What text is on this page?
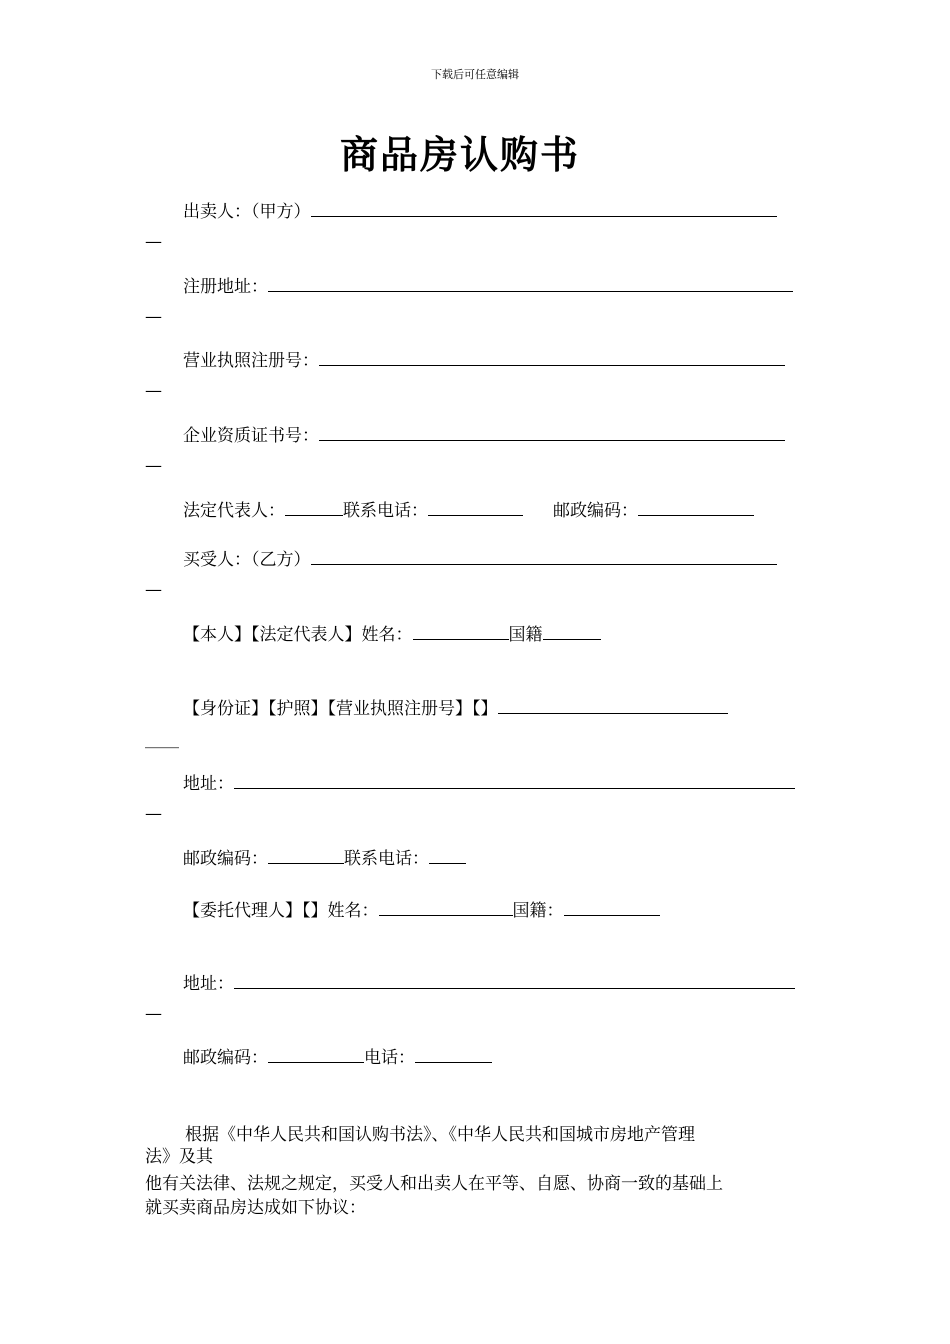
下载后可任意编辑
商品房认购书
出卖人：（甲方）
—
注册地址：
—
营业执照注册号：
—
企业资质证书号：
—
法定代表人：	联系电话：	邮政编码：
买受人：（乙方）
—
【本人】【法定代表人】姓名：	国籍
【身份证】【护照】【营业执照注册号】【】
____
地址：
—
邮政编码：	联系电话：
【委托代理人】【】姓名：	国籍：
地址：
—
邮政编码：	电话：
根据《中华人民共和国认购书法》、《中华人民共和国城市房地产管理
法》及其
他有关法律、法规之规定，买受人和出卖人在平等、自愿、协商一致的基础上
就买卖商品房达成如下协议：
